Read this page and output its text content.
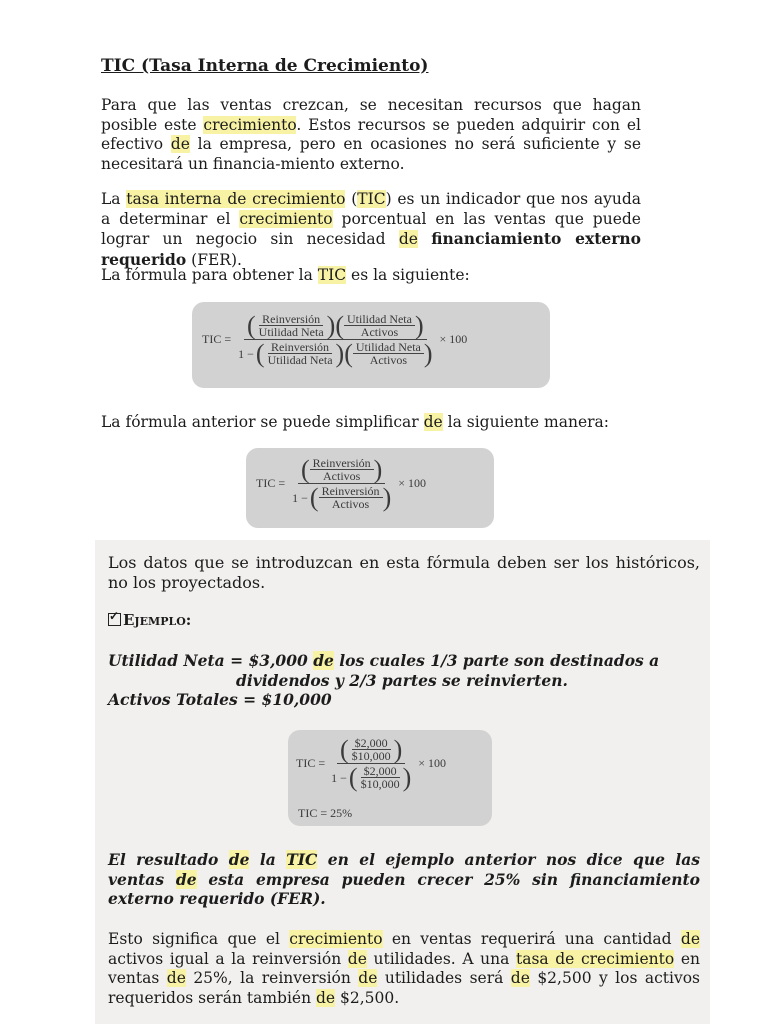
TIC (Tasa Interna de Crecimiento)

Para que las ventas crezcan, se necesitan recursos que hagan posible este crecimiento. Estos recursos se pueden adquirir con el efectivo de la empresa, pero en ocasiones no será suficiente y se necesitará un financia-miento externo.

La tasa interna de crecimiento (TIC) es un indicador que nos ayuda a determinar el crecimiento porcentual en las ventas que puede lograr un negocio sin necesidad de financiamiento externo requerido (FER).

La fórmula para obtener la TIC es la siguiente:

TIC = ( $\frac{\text{Reinversión}}{\text{Utilidad Neta}}$ )( $\frac{\text{Utilidad Neta}}{\text{Activos}}$ )
1 − ( $\frac{\text{Reinversión}}{\text{Utilidad Neta}}$ )( $\frac{\text{Utilidad Neta}}{\text{Activos}}$ ) × 100

La fórmula anterior se puede simplificar de la siguiente manera:

TIC = $\frac{( \frac{\text{Reinversión}}{\text{Activos}} )}{1 - ( \frac{\text{Reinversión}}{\text{Activos}} )} \times 100$

Los datos que se introduzcan en esta fórmula deben ser los históricos, no los proyectados.

✓Ejemplo:
Utilidad Neta = $3,000 de los cuales 1/3 parte son destinados a
dividendos y 2/3 partes se reinvierten.
Activos Totales = $10,000
TIC = $\frac{( \frac{\$2,000}{\$10,000} )}{1 - ( \frac{\$2,000}{\$10,000} )} \times 100$
TIC = 25%

El resultado de la TIC en el ejemplo anterior nos dice que las ventas de esta empresa pueden crecer 25% sin financiamiento externo requerido (FER).

Esto significa que el crecimiento en ventas requerirá una cantidad de activos igual a la reinversión de utilidades. A una tasa de crecimiento en ventas de 25%, la reinversión de utilidades será de $2,500 y los activos requeridos serán también de $2,500.
